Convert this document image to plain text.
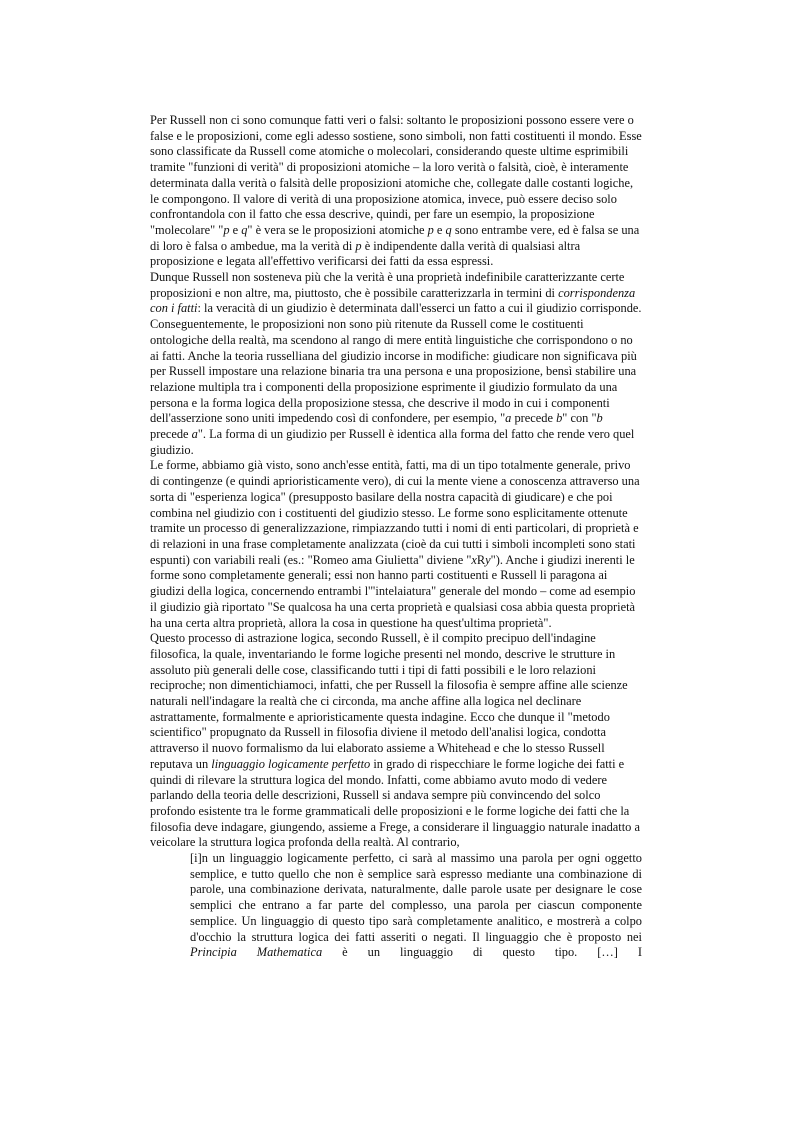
Per Russell non ci sono comunque fatti veri o falsi: soltanto le proposizioni possono essere vere o false e le proposizioni, come egli adesso sostiene, sono simboli, non fatti costituenti il mondo. Esse sono classificate da Russell come atomiche o molecolari, considerando queste ultime esprimibili tramite "funzioni di verità" di proposizioni atomiche – la loro verità o falsità, cioè, è interamente determinata dalla verità o falsità delle proposizioni atomiche che, collegate dalle costanti logiche, le compongono. Il valore di verità di una proposizione atomica, invece, può essere deciso solo confrontandola con il fatto che essa descrive, quindi, per fare un esempio, la proposizione "molecolare" "p e q" è vera se le proposizioni atomiche p e q sono entrambe vere, ed è falsa se una di loro è falsa o ambedue, ma la verità di p è indipendente dalla verità di qualsiasi altra proposizione e legata all'effettivo verificarsi dei fatti da essa espressi.

Dunque Russell non sosteneva più che la verità è una proprietà indefinibile caratterizzante certe proposizioni e non altre, ma, piuttosto, che è possibile caratterizzarla in termini di corrispondenza con i fatti: la veracità di un giudizio è determinata dall'esserci un fatto a cui il giudizio corrisponde. Conseguentemente, le proposizioni non sono più ritenute da Russell come le costituenti ontologiche della realtà, ma scendono al rango di mere entità linguistiche che corrispondono o no ai fatti. Anche la teoria russelliana del giudizio incorse in modifiche: giudicare non significava più per Russell impostare una relazione binaria tra una persona e una proposizione, bensì stabilire una relazione multipla tra i componenti della proposizione esprimente il giudizio formulato da una persona e la forma logica della proposizione stessa, che descrive il modo in cui i componenti dell'asserzione sono uniti impedendo così di confondere, per esempio, "a precede b" con "b precede a". La forma di un giudizio per Russell è identica alla forma del fatto che rende vero quel giudizio.

Le forme, abbiamo già visto, sono anch'esse entità, fatti, ma di un tipo totalmente generale, privo di contingenze (e quindi aprioristicamente vero), di cui la mente viene a conoscenza attraverso una sorta di "esperienza logica" (presupposto basilare della nostra capacità di giudicare) e che poi combina nel giudizio con i costituenti del giudizio stesso. Le forme sono esplicitamente ottenute tramite un processo di generalizzazione, rimpiazzando tutti i nomi di enti particolari, di proprietà e di relazioni in una frase completamente analizzata (cioè da cui tutti i simboli incompleti sono stati espunti) con variabili reali (es.: "Romeo ama Giulietta" diviene "xRy"). Anche i giudizi inerenti le forme sono completamente generali; essi non hanno parti costituenti e Russell li paragona ai giudizi della logica, concernendo entrambi l'"intelaiatura" generale del mondo – come ad esempio il giudizio già riportato "Se qualcosa ha una certa proprietà e qualsiasi cosa abbia questa proprietà ha una certa altra proprietà, allora la cosa in questione ha quest'ultima proprietà".

Questo processo di astrazione logica, secondo Russell, è il compito precipuo dell'indagine filosofica, la quale, inventariando le forme logiche presenti nel mondo, descrive le strutture in assoluto più generali delle cose, classificando tutti i tipi di fatti possibili e le loro relazioni reciproche; non dimentichiamoci, infatti, che per Russell la filosofia è sempre affine alle scienze naturali nell'indagare la realtà che ci circonda, ma anche affine alla logica nel declinare astrattamente, formalmente e aprioristicamente questa indagine. Ecco che dunque il "metodo scientifico" propugnato da Russell in filosofia diviene il metodo dell'analisi logica, condotta attraverso il nuovo formalismo da lui elaborato assieme a Whitehead e che lo stesso Russell reputava un linguaggio logicamente perfetto in grado di rispecchiare le forme logiche dei fatti e quindi di rilevare la struttura logica del mondo. Infatti, come abbiamo avuto modo di vedere parlando della teoria delle descrizioni, Russell si andava sempre più convincendo del solco profondo esistente tra le forme grammaticali delle proposizioni e le forme logiche dei fatti che la filosofia deve indagare, giungendo, assieme a Frege, a considerare il linguaggio naturale inadatto a veicolare la struttura logica profonda della realtà. Al contrario,

[i]n un linguaggio logicamente perfetto, ci sarà al massimo una parola per ogni oggetto semplice, e tutto quello che non è semplice sarà espresso mediante una combinazione di parole, una combinazione derivata, naturalmente, dalle parole usate per designare le cose semplici che entrano a far parte del complesso, una parola per ciascun componente semplice. Un linguaggio di questo tipo sarà completamente analitico, e mostrerà a colpo d'occhio la struttura logica dei fatti asseriti o negati. Il linguaggio che è proposto nei Principia Mathematica è un linguaggio di questo tipo. […] I
